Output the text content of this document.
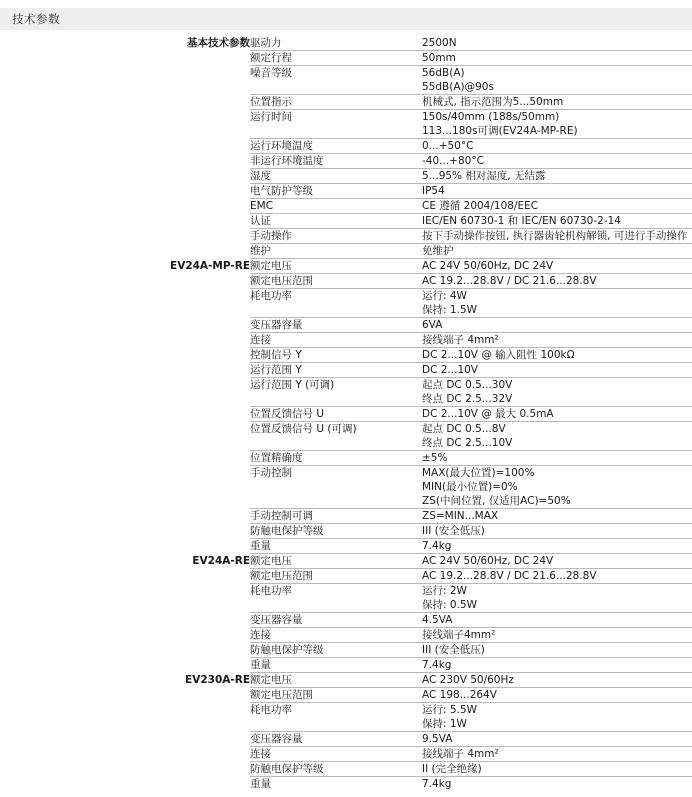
技术参数
基本技术参数	驱动力	2500N
	额定行程	50mm
	噪音等级	56dB(A)
		55dB(A)@90s
	位置指示	机械式, 指示范围为5...50mm
	运行时间	150s/40mm (188s/50mm)
		113...180s可调(EV24A-MP-RE)
	运行环境温度	0...+50°C
	非运行环境温度	-40...+80°C
	湿度	5...95% 相对湿度, 无结露
	电气防护等级	IP54
	EMC	CE 遵循 2004/108/EEC
	认证	IEC/EN 60730-1 和 IEC/EN 60730-2-14
	手动操作	按下手动操作按钮, 执行器齿轮机构解锁, 可进行手动操作
	维护	免维护
EV24A-MP-RE	额定电压	AC 24V 50/60Hz, DC 24V
	额定电压范围	AC 19.2...28.8V / DC 21.6...28.8V
	耗电功率	运行: 4W
		保持: 1.5W
	变压器容量	6VA
	连接	接线端子 4mm²
	控制信号 Y	DC 2...10V @ 输入阻性 100kΩ
	运行范围 Y	DC 2...10V
	运行范围 Y (可调)	起点 DC 0.5...30V
		终点 DC 2.5...32V
	位置反馈信号 U	DC 2...10V @ 最大 0.5mA
	位置反馈信号 U (可调)	起点 DC 0.5...8V
		终点 DC 2.5...10V
	位置精确度	±5%
	手动控制	MAX(最大位置)=100%
		MIN(最小位置)=0%
		ZS(中间位置, 仅适用AC)=50%
	手动控制可调	ZS=MIN...MAX
	防触电保护等级	III (安全低压)
	重量	7.4kg
EV24A-RE	额定电压	AC 24V 50/60Hz, DC 24V
	额定电压范围	AC 19.2...28.8V / DC 21.6...28.8V
	耗电功率	运行: 2W
		保持: 0.5W
	变压器容量	4.5VA
	连接	接线端子4mm²
	防触电保护等级	III (安全低压)
	重量	7.4kg
EV230A-RE	额定电压	AC 230V 50/60Hz
	额定电压范围	AC 198...264V
	耗电功率	运行: 5.5W
		保持: 1W
	变压器容量	9.5VA
	连接	接线端子 4mm²
	防触电保护等级	II (完全绝缘)
	重量	7.4kg
